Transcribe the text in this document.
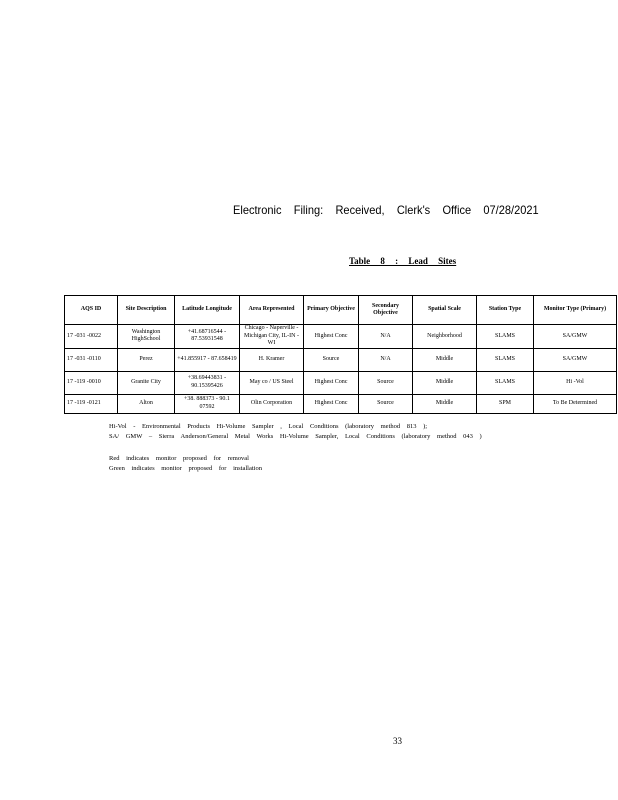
Electronic Filing: Received, Clerk's Office 07/28/2021
Table 8 : Lead Sites
AQS ID	Site Description	Latitude Longitude	Area Represented	Primary Objective	Secondary Objective	Spatial Scale	Station Type	Monitor Type (Primary)
17 -031 -0022	Washington HighSchool	+41.68716544 - 87.53931548	Chicago - Naperville - Michigan City, IL-IN -WI	Highest Conc	N/A	Neighborhood	SLAMS	SA/GMW
17 -031 -0110	Perez	+41.855917 - 87.658419	H. Kramer	Source	N/A	Middle	SLAMS	SA/GMW
17 -119 -0010	Granite City	+38.69443831 - 90.15395426	May co / US Steel	Highest Conc	Source	Middle	SLAMS	Hi -Vol
17 -119 -0121	Alton	+38. 888373 - 90.1 07592	Olin Corporation	Highest Conc	Source	Middle	SPM	To Be Determined
Hi-Vol - Environmental Products Hi-Volume Sampler , Local Conditions (laboratory method 813 );
SA/ GMW – Sierra Anderson/General Metal Works Hi-Volume Sampler, Local Conditions (laboratory method 043 )
Red indicates monitor proposed for removal
Green indicates monitor proposed for installation
33
